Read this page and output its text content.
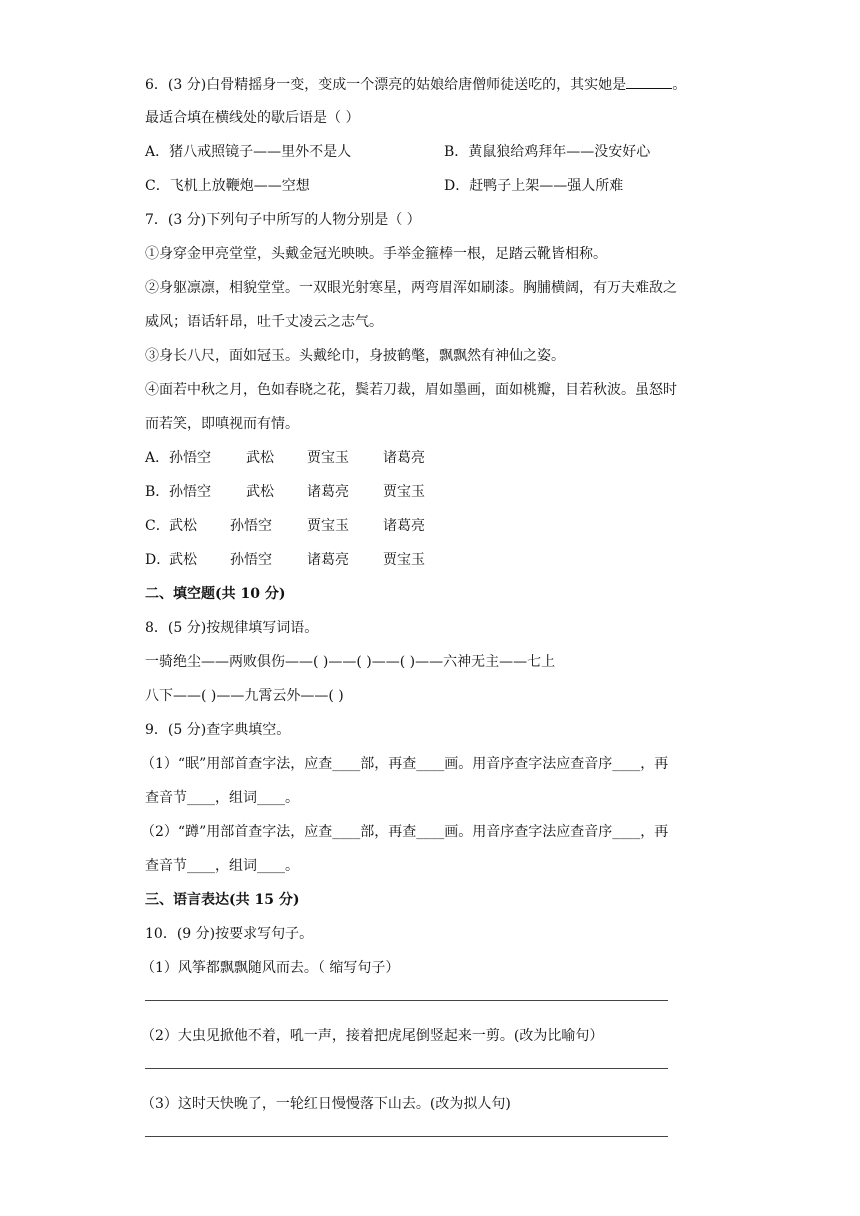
6．(3 分)白骨精摇身一变，变成一个漂亮的姑娘给唐僧师徒送吃的，其实她是	。
最适合填在横线处的歇后语是（ ）
A．猪八戒照镜子——里外不是人	B．黄鼠狼给鸡拜年——没安好心
C．飞机上放鞭炮——空想	D．赶鸭子上架——强人所难
7．(3 分)下列句子中所写的人物分别是（ ）
①身穿金甲亮堂堂，头戴金冠光映映。手举金箍棒一根，足踏云靴皆相称。
②身躯凛凛，相貌堂堂。一双眼光射寒星，两弯眉浑如刷漆。胸脯横阔，有万夫难敌之
威风；语话轩昂，吐千丈凌云之志气。
③身长八尺，面如冠玉。头戴纶巾，身披鹤氅，飘飘然有神仙之姿。
④面若中秋之月，色如春晓之花，鬓若刀裁，眉如墨画，面如桃瓣，目若秋波。虽怒时
而若笑，即嗔视而有情。
A．孙悟空	武松 贾宝玉 诸葛亮
B．孙悟空	武松 诸葛亮 贾宝玉
C．武松 孙悟空	贾宝玉 诸葛亮
D．武松 孙悟空	诸葛亮 贾宝玉
二、填空题(共 10 分)
8．(5 分)按规律填写词语。
一骑绝尘——两败俱伤——( )——( )——( )——六神无主——七上
八下——( )——九霄云外——( )
9．(5 分)查字典填空。
（1）“眠”用部首查字法，应查____部，再查____画。用音序查字法应查音序____，再
查音节____，组词____。
（2）“蹲”用部首查字法，应查____部，再查____画。用音序查字法应查音序____，再
查音节____，组词____。
三、语言表达(共 15 分)
10．(9 分)按要求写句子。
（1）风筝都飘飘随风而去。（ 缩写句子）
（2）大虫见掀他不着，吼一声，接着把虎尾倒竖起来一剪。(改为比喻句）
（3）这时天快晚了，一轮红日慢慢落下山去。(改为拟人句)
